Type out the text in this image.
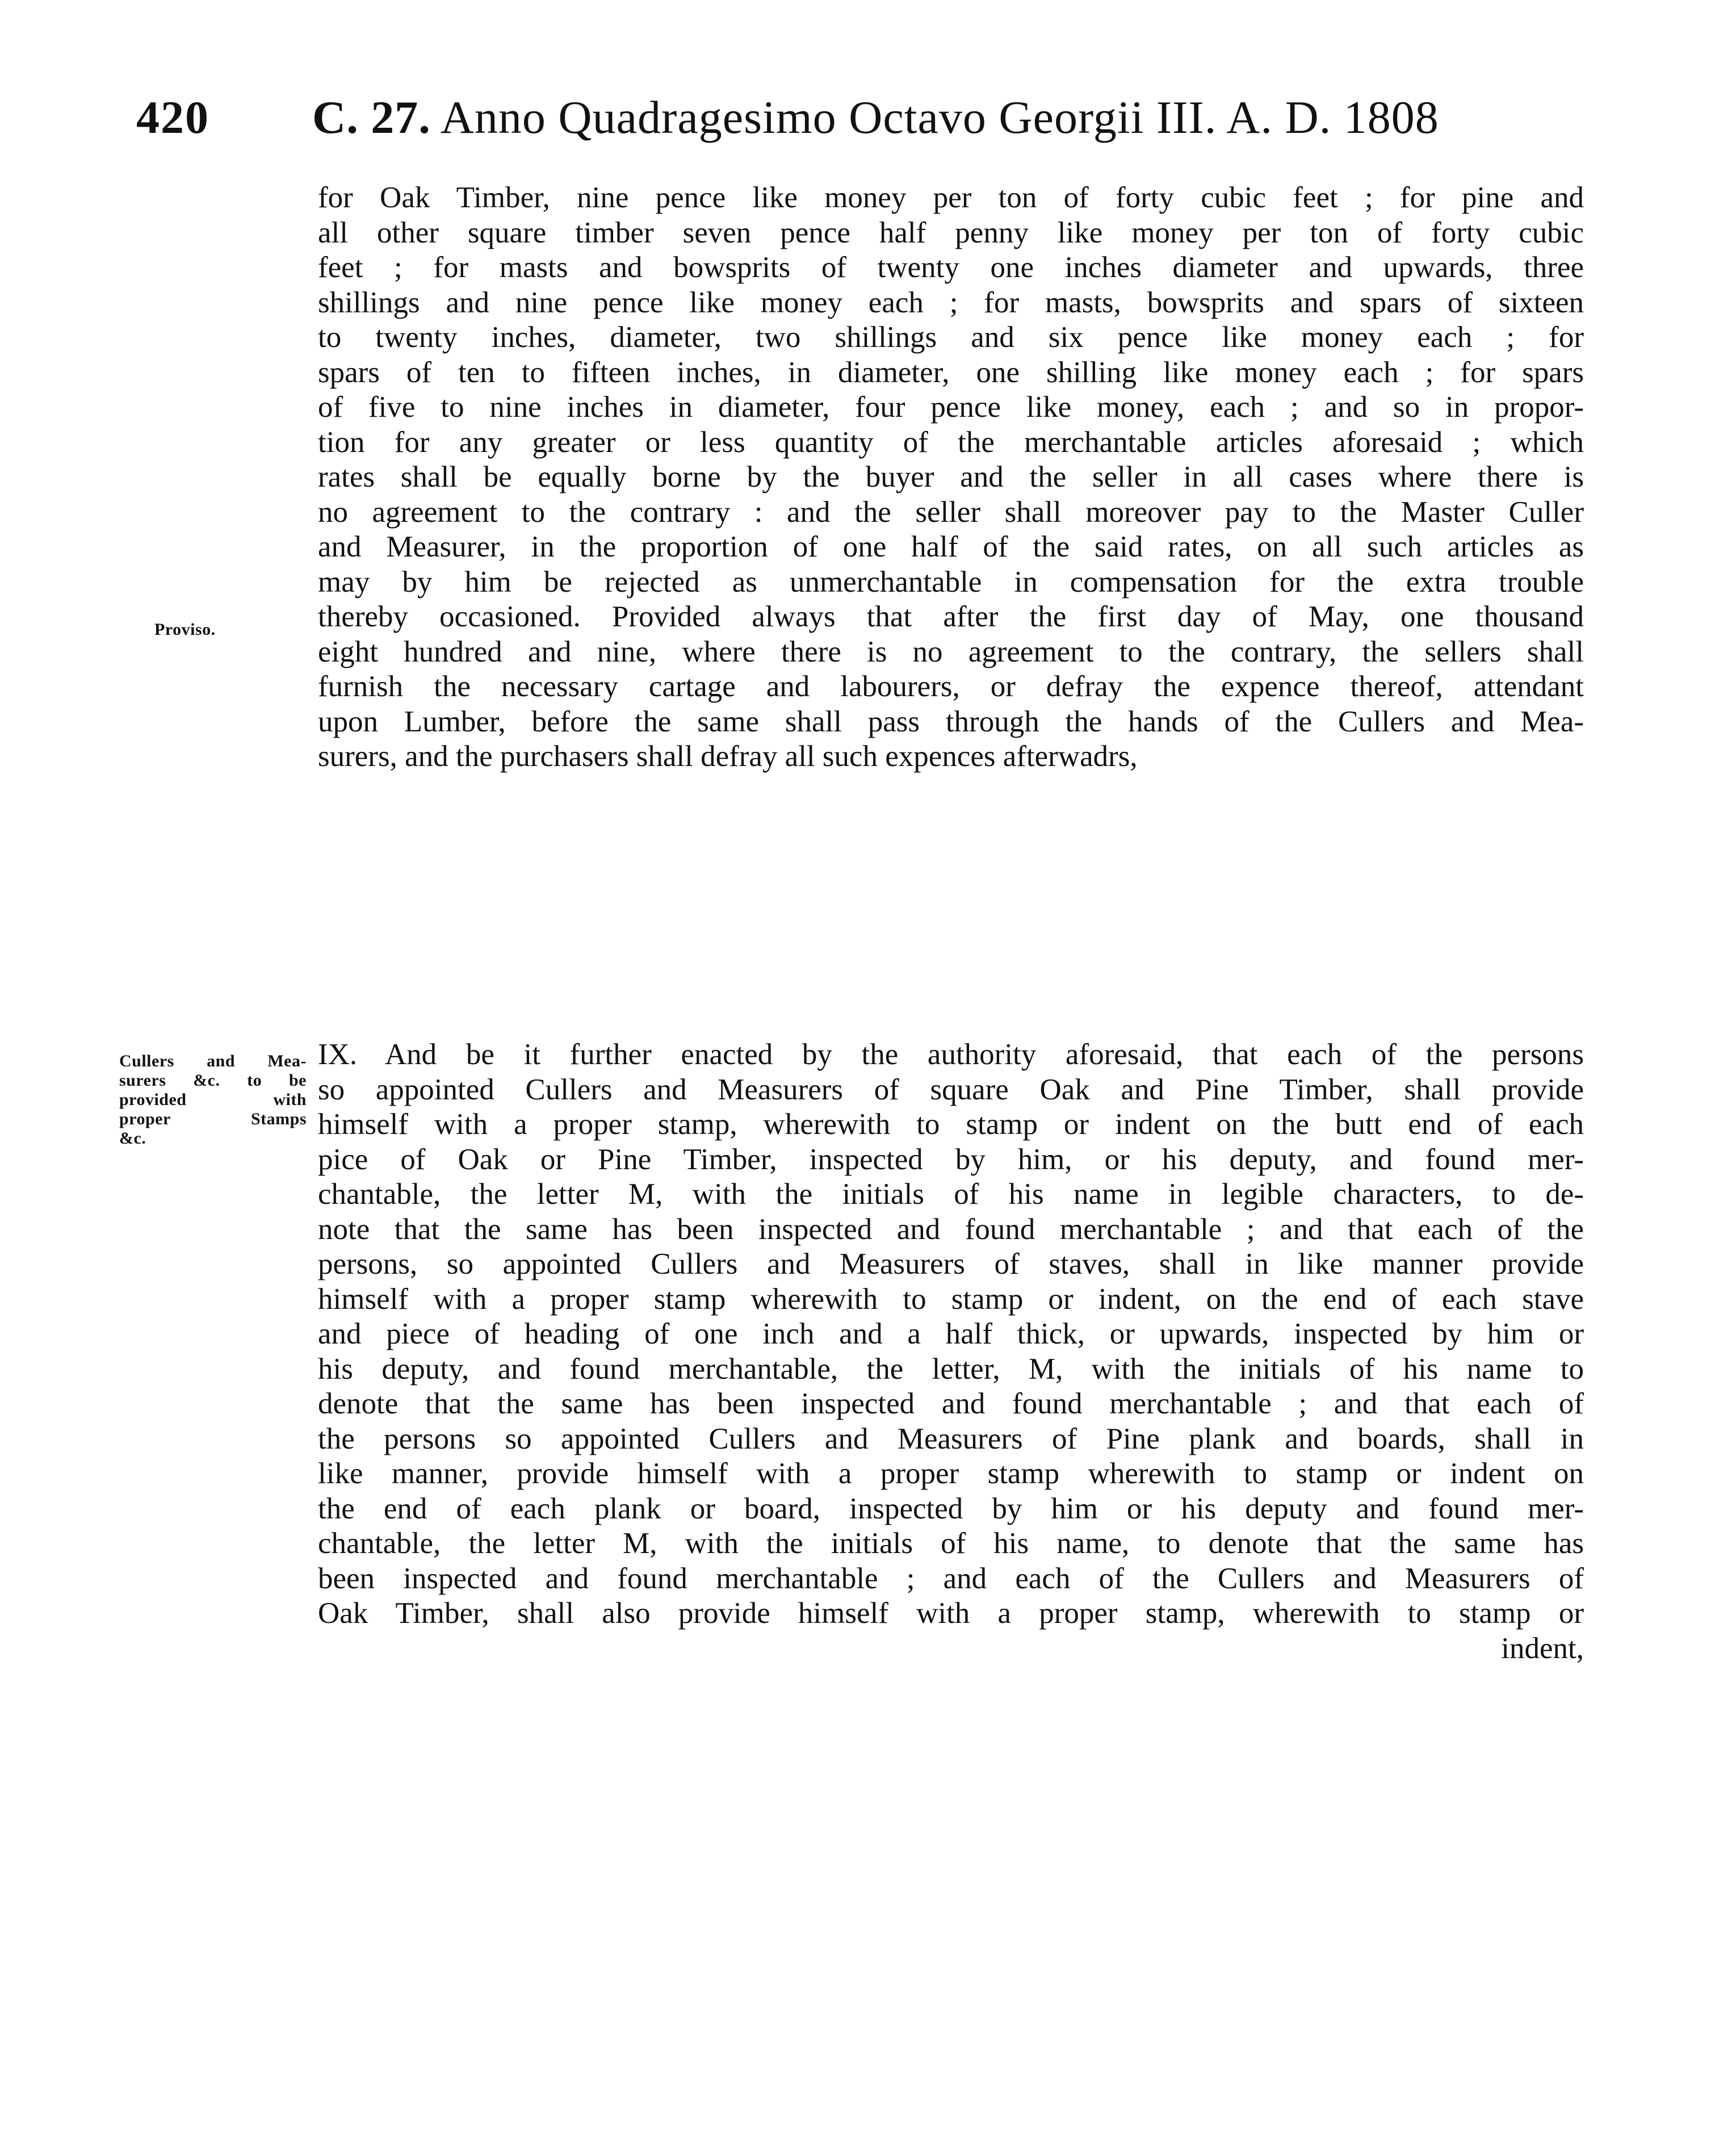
420 C. 27. Anno Quadragesimo Octavo Georgii III. A. D. 1808
Proviso.
Cullers and Mea-
surers &c. to be
provided with
proper Stamps
&c.
for Oak Timber, nine pence like money per ton of forty cubic feet ; for pine and
all other square timber seven pence half penny like money per ton of forty cubic
feet ; for masts and bowsprits of twenty one inches diameter and upwards, three
shillings and nine pence like money each ; for masts, bowsprits and spars of sixteen
to twenty inches, diameter, two shillings and six pence like money each ; for
spars of ten to fifteen inches, in diameter, one shilling like money each ; for spars
of five to nine inches in diameter, four pence like money, each ; and so in propor-
tion for any greater or less quantity of the merchantable articles aforesaid ; which
rates shall be equally borne by the buyer and the seller in all cases where there is
no agreement to the contrary : and the seller shall moreover pay to the Master Culler
and Measurer, in the proportion of one half of the said rates, on all such articles as
may by him be rejected as unmerchantable in compensation for the extra trouble
thereby occasioned. Provided always that after the first day of May, one thousand
eight hundred and nine, where there is no agreement to the contrary, the sellers shall
furnish the necessary cartage and labourers, or defray the expence thereof, attendant
upon Lumber, before the same shall pass through the hands of the Cullers and Mea-
surers, and the purchasers shall defray all such expences afterwadrs,
IX. And be it further enacted by the authority aforesaid, that each of the persons
so appointed Cullers and Measurers of square Oak and Pine Timber, shall provide
himself with a proper stamp, wherewith to stamp or indent on the butt end of each
pice of Oak or Pine Timber, inspected by him, or his deputy, and found mer-
chantable, the letter M, with the initials of his name in legible characters, to de-
note that the same has been inspected and found merchantable ; and that each of the
persons, so appointed Cullers and Measurers of staves, shall in like manner provide
himself with a proper stamp wherewith to stamp or indent, on the end of each stave
and piece of heading of one inch and a half thick, or upwards, inspected by him or
his deputy, and found merchantable, the letter, M, with the initials of his name to
denote that the same has been inspected and found merchantable ; and that each of
the persons so appointed Cullers and Measurers of Pine plank and boards, shall in
like manner, provide himself with a proper stamp wherewith to stamp or indent on
the end of each plank or board, inspected by him or his deputy and found mer-
chantable, the letter M, with the initials of his name, to denote that the same has
been inspected and found merchantable ; and each of the Cullers and Measurers of
Oak Timber, shall also provide himself with a proper stamp, wherewith to stamp or
indent,
